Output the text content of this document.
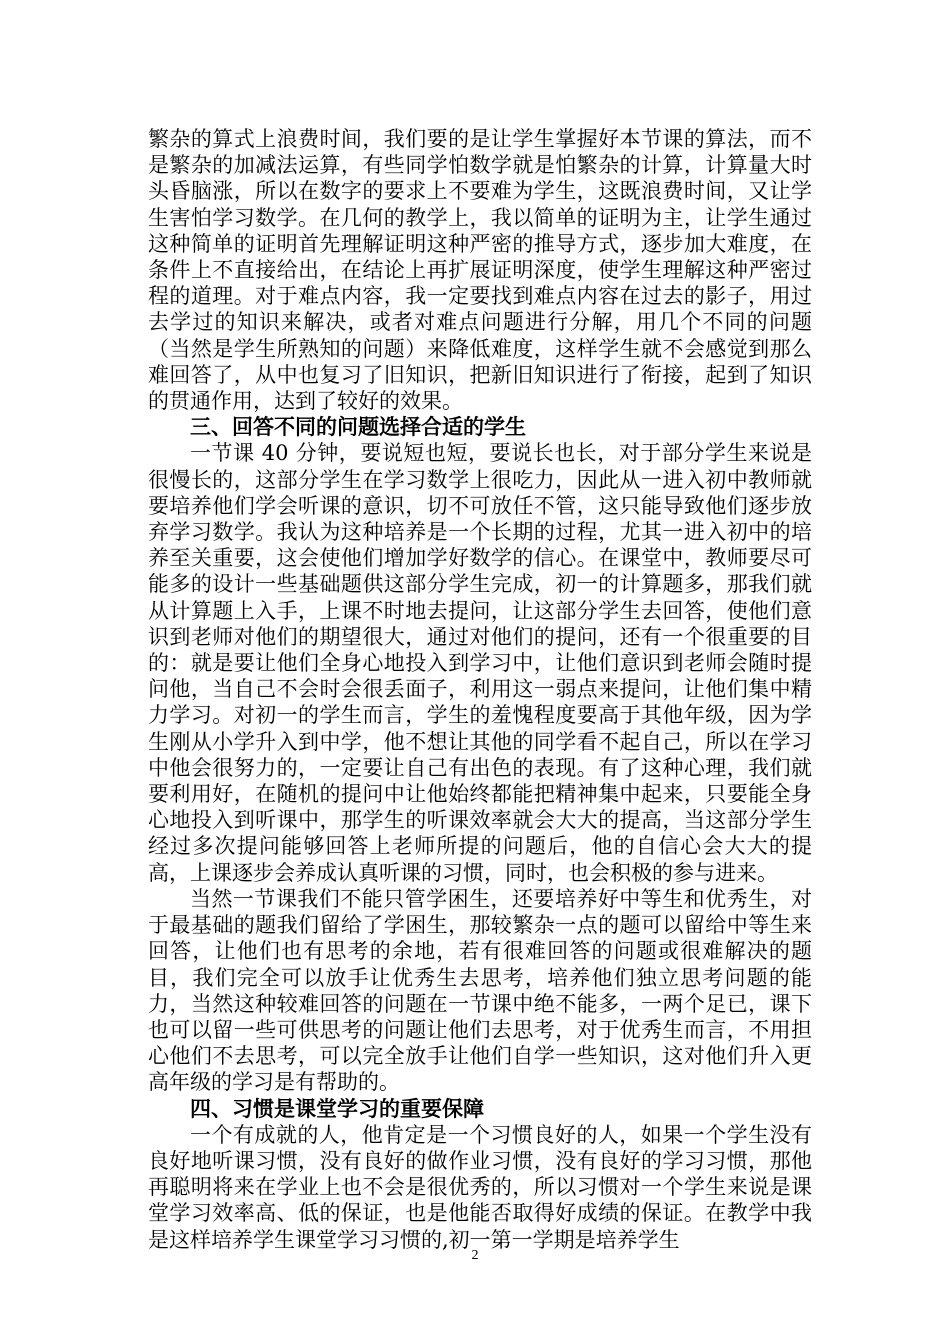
繁杂的算式上浪费时间，我们要的是让学生掌握好本节课的算法，而不是繁杂的加减法运算，有些同学怕数学就是怕繁杂的计算，计算量大时头昏脑涨，所以在数字的要求上不要难为学生，这既浪费时间，又让学生害怕学习数学。在几何的教学上，我以简单的证明为主，让学生通过这种简单的证明首先理解证明这种严密的推导方式，逐步加大难度，在条件上不直接给出，在结论上再扩展证明深度，使学生理解这种严密过程的道理。对于难点内容，我一定要找到难点内容在过去的影子，用过去学过的知识来解决，或者对难点问题进行分解，用几个不同的问题（当然是学生所熟知的问题）来降低难度，这样学生就不会感觉到那么难回答了，从中也复习了旧知识，把新旧知识进行了衔接，起到了知识的贯通作用，达到了较好的效果。

三、回答不同的问题选择合适的学生

一节课 40 分钟，要说短也短，要说长也长，对于部分学生来说是很慢长的，这部分学生在学习数学上很吃力，因此从一进入初中教师就要培养他们学会听课的意识，切不可放任不管，这只能导致他们逐步放弃学习数学。我认为这种培养是一个长期的过程，尤其一进入初中的培养至关重要，这会使他们增加学好数学的信心。在课堂中，教师要尽可能多的设计一些基础题供这部分学生完成，初一的计算题多，那我们就从计算题上入手，上课不时地去提问，让这部分学生去回答，使他们意识到老师对他们的期望很大，通过对他们的提问，还有一个很重要的目的：就是要让他们全身心地投入到学习中，让他们意识到老师会随时提问他，当自己不会时会很丢面子，利用这一弱点来提问，让他们集中精力学习。对初一的学生而言，学生的羞愧程度要高于其他年级，因为学生刚从小学升入到中学，他不想让其他的同学看不起自己，所以在学习中他会很努力的，一定要让自己有出色的表现。有了这种心理，我们就要利用好，在随机的提问中让他始终都能把精神集中起来，只要能全身心地投入到听课中，那学生的听课效率就会大大的提高，当这部分学生经过多次提问能够回答上老师所提的问题后，他的自信心会大大的提高，上课逐步会养成认真听课的习惯，同时，也会积极的参与进来。

当然一节课我们不能只管学困生，还要培养好中等生和优秀生，对于最基础的题我们留给了学困生，那较繁杂一点的题可以留给中等生来回答，让他们也有思考的余地，若有很难回答的问题或很难解决的题目，我们完全可以放手让优秀生去思考，培养他们独立思考问题的能力，当然这种较难回答的问题在一节课中绝不能多，一两个足已，课下也可以留一些可供思考的问题让他们去思考，对于优秀生而言，不用担心他们不去思考，可以完全放手让他们自学一些知识，这对他们升入更高年级的学习是有帮助的。

四、习惯是课堂学习的重要保障

一个有成就的人，他肯定是一个习惯良好的人，如果一个学生没有良好地听课习惯，没有良好的做作业习惯，没有良好的学习习惯，那他再聪明将来在学业上也不会是很优秀的，所以习惯对一个学生来说是课堂学习效率高、低的保证，也是他能否取得好成绩的保证。在教学中我是这样培养学生课堂学习习惯的,初一第一学期是培养学生

2
